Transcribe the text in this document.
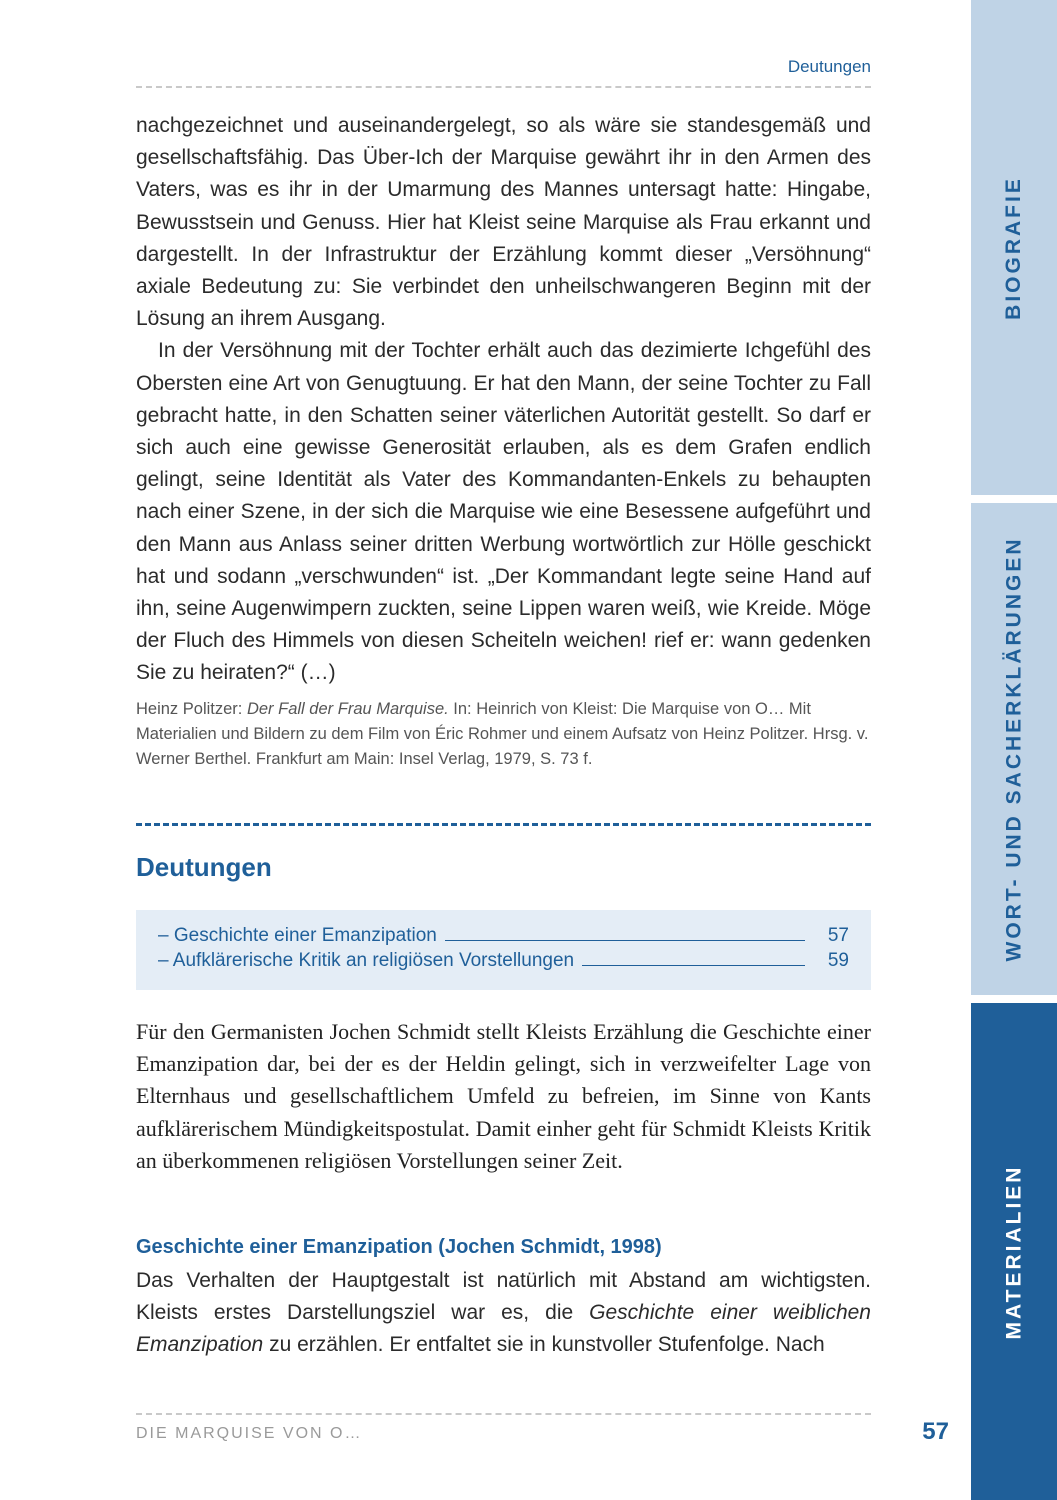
Deutungen

nachgezeichnet und auseinandergelegt, so als wäre sie standesgemäß und gesellschaftsfähig. Das Über-Ich der Marquise gewährt ihr in den Armen des Vaters, was es ihr in der Umarmung des Mannes untersagt hatte: Hingabe, Bewusstsein und Genuss. Hier hat Kleist seine Marquise als Frau erkannt und dargestellt. In der Infrastruktur der Erzählung kommt dieser „Versöhnung“ axiale Bedeutung zu: Sie verbindet den unheilschwangeren Beginn mit der Lösung an ihrem Ausgang.

In der Versöhnung mit der Tochter erhält auch das dezimierte Ichgefühl des Obersten eine Art von Genugtuung. Er hat den Mann, der seine Tochter zu Fall gebracht hatte, in den Schatten seiner väterlichen Autorität gestellt. So darf er sich auch eine gewisse Generosität erlauben, als es dem Grafen endlich gelingt, seine Identität als Vater des Kommandanten-Enkels zu behaupten nach einer Szene, in der sich die Marquise wie eine Besessene aufgeführt und den Mann aus Anlass seiner dritten Werbung wortwörtlich zur Hölle geschickt hat und sodann „verschwunden“ ist. „Der Kommandant legte seine Hand auf ihn, seine Augenwimpern zuckten, seine Lippen waren weiß, wie Kreide. Möge der Fluch des Himmels von diesen Scheiteln weichen! rief er: wann gedenken Sie zu heiraten?“ (…)

Heinz Politzer: Der Fall der Frau Marquise. In: Heinrich von Kleist: Die Marquise von O… Mit Materialien und Bildern zu dem Film von Éric Rohmer und einem Aufsatz von Heinz Politzer. Hrsg. v. Werner Berthel. Frankfurt am Main: Insel Verlag, 1979, S. 73 f.
Deutungen
– Geschichte einer Emanzipation	57
– Aufklärerische Kritik an religiösen Vorstellungen	59

Für den Germanisten Jochen Schmidt stellt Kleists Erzählung die Geschichte einer Emanzipation dar, bei der es der Heldin gelingt, sich in verzweifelter Lage von Elternhaus und gesellschaftlichem Umfeld zu befreien, im Sinne von Kants aufklärerischem Mündigkeitspostulat. Damit einher geht für Schmidt Kleists Kritik an überkommenen religiösen Vorstellungen seiner Zeit.

Geschichte einer Emanzipation (Jochen Schmidt, 1998)

Das Verhalten der Hauptgestalt ist natürlich mit Abstand am wichtigsten. Kleists erstes Darstellungsziel war es, die Geschichte einer weiblichen Emanzipation zu erzählen. Er entfaltet sie in kunstvoller Stufenfolge. Nach

DIE MARQUISE VON O…	57
BIOGRAFIE
WORT- UND SACHERKLÄRUNGEN
MATERIALIEN
